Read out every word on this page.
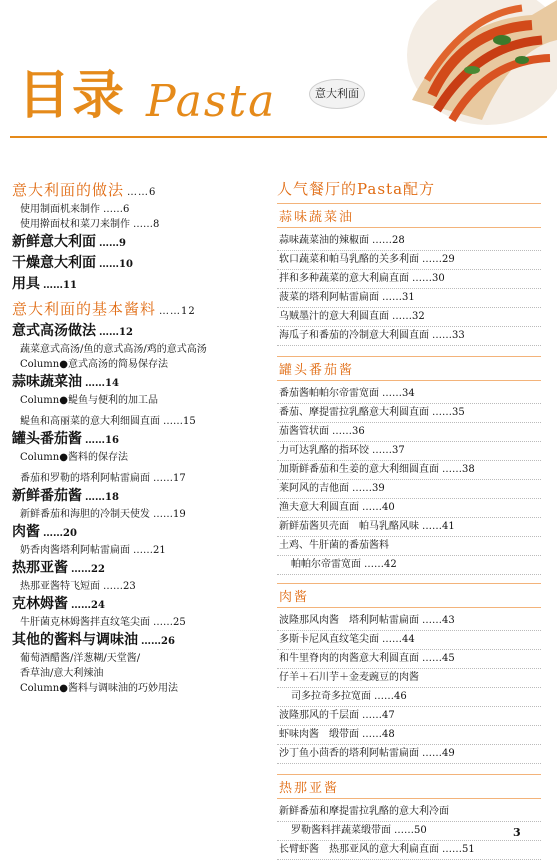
目录 Pasta	意大利面
意大利面的做法 ……6
使用制面机来制作 ……6
使用擀面杖和菜刀来制作 ……8
新鲜意大利面 ……9
干燥意大利面 ……10
用具 ……11
意大利面的基本酱料 ……12
意式高汤做法 ……12
蔬菜意式高汤/鱼的意式高汤/鸡的意式高汤
Column●意式高汤的简易保存法
蒜味蔬菜油 ……14
Column●鳀鱼与便利的加工品
鳀鱼和高丽菜的意大利细圆直面 ……15
罐头番茄酱 ……16
Column●酱料的保存法
番茄和罗勒的塔利阿帖雷扁面 ……17
新鲜番茄酱 ……18
新鲜番茄和海胆的冷制天使发 ……19
肉酱 ……20
奶香肉酱塔利阿帖雷扁面 ……21
热那亚酱 ……22
热那亚酱特飞短面 ……23
克林姆酱 ……24
牛肝菌克林姆酱拌直纹笔尖面 ……25
其他的酱料与调味油 ……26
葡萄酒醋酱/洋葱糊/天堂酱/
香草油/意大利辣油
Column●酱料与调味油的巧妙用法
人气餐厅的Pasta配方
蒜味蔬菜油
蒜味蔬菜油的辣椒面 ……28
软口蔬菜和帕马乳酪的关多利面 ……29
拌和多种蔬菜的意大利扁直面 ……30
菠菜的塔利阿帖雷扁面 ……31
乌贼墨汁的意大利圆直面 ……32
海瓜子和番茄的冷制意大利圆直面 ……33
罐头番茄酱
番茄酱帕帕尔帝雷宽面 ……34
番茄、摩提雷拉乳酪意大利圆直面 ……35
茄酱管状面 ……36
力可达乳酪的指环饺 ……37
加斯鲜番茄和生姜的意大利细圆直面 ……38
莱阿风的吉他面 ……39
渔夫意大利圆直面 ……40
新鲜茄酱贝壳面　帕马乳酪风味 ……41
土鸡、牛肝菌的番茄酱料
帕帕尔帝雷宽面 ……42
肉酱
波隆那风肉酱　塔利阿帖雷扁面 ……43
多斯卡尼风直纹笔尖面 ……44
和牛里脊肉的肉酱意大利圆直面 ……45
仔羊＋石川芋＋金麦豌豆的肉酱
司多拉奇多拉宽面 ……46
波隆那风的千层面 ……47
虾味肉酱　缎带面 ……48
沙丁鱼小茴香的塔利阿帖雷扁面 ……49
热那亚酱
新鲜番茄和摩提雷拉乳酪的意大利冷面
罗勒酱料拌蔬菜缎带面 ……50
长臂虾酱　热那亚风的意大利扁直面 ……51
3
